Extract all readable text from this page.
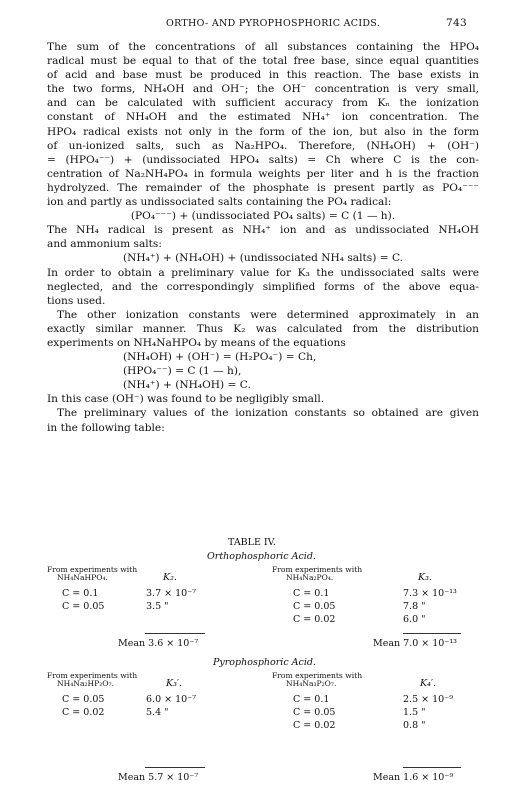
ORTHO- AND PYROPHOSPHORIC ACIDS.	743
The sum of the concentrations of all substances containing the HPO₄
radical must be equal to that of the total free base, since equal quantities
of acid and base must be produced in this reaction. The base exists in
the two forms, NH₄OH and OH⁻; the OH⁻ concentration is very small,
and can be calculated with sufficient accuracy from Kₙ the ionization
constant of NH₄OH and the estimated NH₄⁺ ion concentration. The
HPO₄ radical exists not only in the form of the ion, but also in the form
of un-ionized salts, such as Na₂HPO₄. Therefore, (NH₄OH) + (OH⁻)
= (HPO₄⁻⁻) + (undissociated HPO₄ salts) = Ch where C is the con-
centration of Na₂NH₄PO₄ in formula weights per liter and h is the fraction
hydrolyzed. The remainder of the phosphate is present partly as PO₄⁻⁻⁻
ion and partly as undissociated salts containing the PO₄ radical:
(PO₄⁻⁻⁻) + (undissociated PO₄ salts) = C (1 — h).
The NH₄ radical is present as NH₄⁺ ion and as undissociated NH₄OH
and ammonium salts:
(NH₄⁺) + (NH₄OH) + (undissociated NH₄ salts) = C.
In order to obtain a preliminary value for K₃ the undissociated salts were
neglected, and the correspondingly simplified forms of the above equa-
tions used.
The other ionization constants were determined approximately in an
exactly similar manner. Thus K₂ was calculated from the distribution
experiments on NH₄NaHPO₄ by means of the equations
(NH₄OH) + (OH⁻) = (H₂PO₄⁻) = Ch,
(HPO₄⁻⁻) = C (1 — h),
(NH₄⁺) + (NH₄OH) = C.
In this case (OH⁻) was found to be negligibly small.
The preliminary values of the ionization constants so obtained are given
in the following table:
TABLE IV.
Orthophosphoric Acid.
From experiments with
NH₄NaHPO₄.	K₂.
From experiments with
NH₄Na₂PO₄.	K₃.
C = 0.1	3.7 × 10⁻⁷
C = 0.05	3.5 "
C = 0.1	7.3 × 10⁻¹³
C = 0.05	7.8 "
C = 0.02	6.0 "
Mean 3.6 × 10⁻⁷	Mean 7.0 × 10⁻¹³
Pyrophosphoric Acid.
From experiments with
NH₄Na₂HP₂O₇.	K₃′.
From experiments with
NH₄Na₃P₂O₇.	K₄′.
C = 0.05	6.0 × 10⁻⁷
C = 0.02	5.4 "
C = 0.1	2.5 × 10⁻⁹
C = 0.05	1.5 "
C = 0.02	0.8 "
Mean 5.7 × 10⁻⁷	Mean 1.6 × 10⁻⁹
